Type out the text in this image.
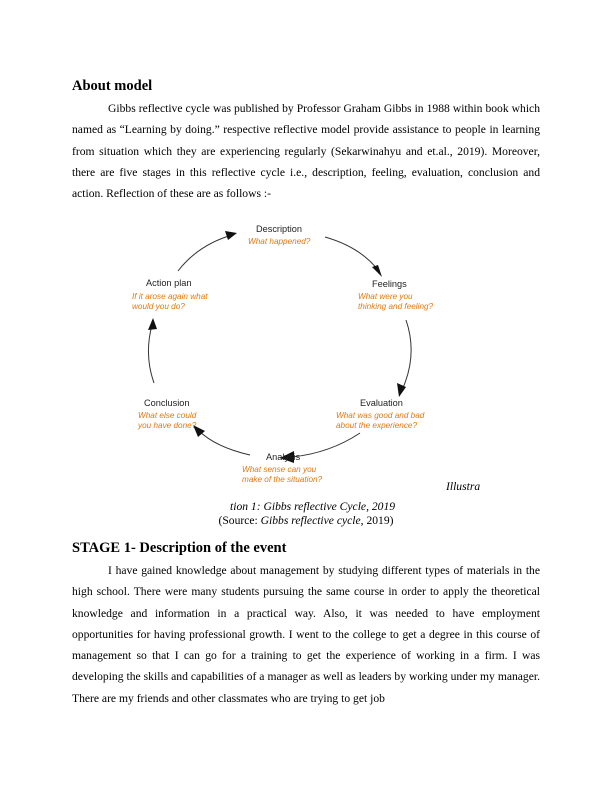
About model

Gibbs reflective cycle was published by Professor Graham Gibbs in 1988 within book which named as “Learning by doing.” respective reflective model provide assistance to people in learning from situation which they are experiencing regularly (Sekarwinahyu and et.al., 2019). Moreover, there are five stages in this reflective cycle i.e., description, feeling, evaluation, conclusion and action. Reflection of these are as follows :-

Description
What happened?
Feelings
What were you
thinking and feeling?
Evaluation
What was good and bad
about the experience?
Analysis
What sense can you
make of the situation?
Conclusion
What else could
you have done?
Action plan
If it arose again what
would you do?
Illustra
tion 1: Gibbs reflective Cycle, 2019
(Source: Gibbs reflective cycle, 2019)
STAGE 1- Description of the event

I have gained knowledge about management by studying different types of materials in the high school. There were many students pursuing the same course in order to apply the theoretical knowledge and information in a practical way. Also, it was needed to have employment opportunities for having professional growth. I went to the college to get a degree in this course of management so that I can go for a training to get the experience of working in a firm. I was developing the skills and capabilities of a manager as well as leaders by working under my manager. There are my friends and other classmates who are trying to get job
